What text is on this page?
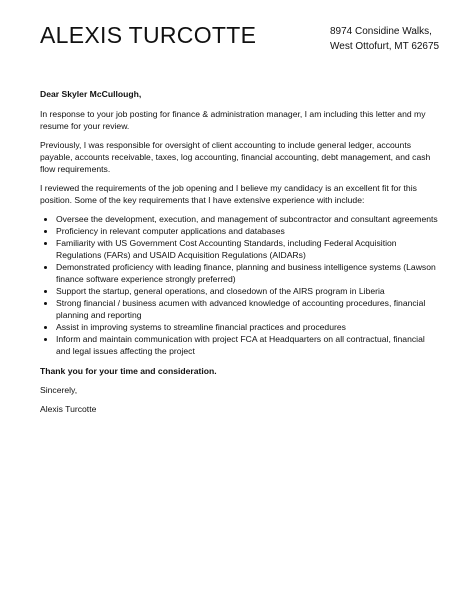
ALEXIS TURCOTTE	8974 Considine Walks,
West Ottofurt, MT 62675

Dear Skyler McCullough,

In response to your job posting for finance & administration manager, I am including this letter and my resume for your review.

Previously, I was responsible for oversight of client accounting to include general ledger, accounts payable, accounts receivable, taxes, log accounting, financial accounting, debt management, and cash flow requirements.

I reviewed the requirements of the job opening and I believe my candidacy is an excellent fit for this position. Some of the key requirements that I have extensive experience with include:

• Oversee the development, execution, and management of subcontractor and consultant agreements
• Proficiency in relevant computer applications and databases
• Familiarity with US Government Cost Accounting Standards, including Federal Acquisition Regulations (FARs) and USAID Acquisition Regulations (AIDARs)
• Demonstrated proficiency with leading finance, planning and business intelligence systems (Lawson finance software experience strongly preferred)
• Support the startup, general operations, and closedown of the AIRS program in Liberia
• Strong financial / business acumen with advanced knowledge of accounting procedures, financial planning and reporting
• Assist in improving systems to streamline financial practices and procedures
• Inform and maintain communication with project FCA at Headquarters on all contractual, financial and legal issues affecting the project

Thank you for your time and consideration.

Sincerely,

Alexis Turcotte
